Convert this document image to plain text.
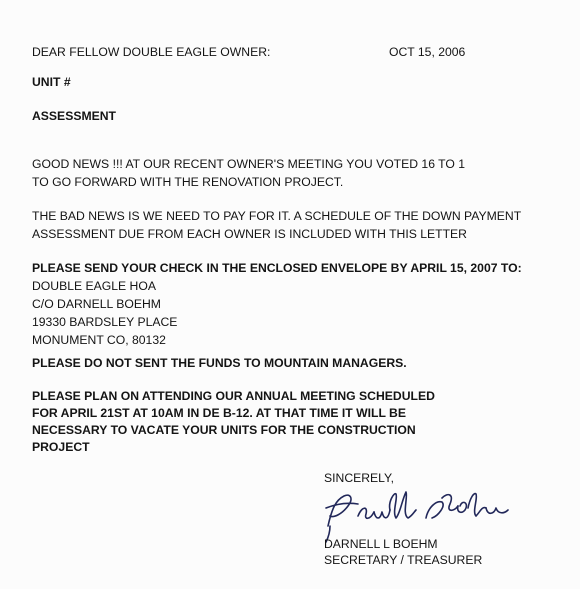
DEAR FELLOW DOUBLE EAGLE OWNER:	OCT 15, 2006
UNIT #
ASSESSMENT
GOOD NEWS !!! AT OUR RECENT OWNER'S MEETING YOU VOTED 16 TO 1
TO GO FORWARD WITH THE RENOVATION PROJECT.
THE BAD NEWS IS WE NEED TO PAY FOR IT. A SCHEDULE OF THE DOWN PAYMENT
ASSESSMENT DUE FROM EACH OWNER IS INCLUDED WITH THIS LETTER
PLEASE SEND YOUR CHECK IN THE ENCLOSED ENVELOPE BY APRIL 15, 2007 TO:
DOUBLE EAGLE HOA
C/O DARNELL BOEHM
19330 BARDSLEY PLACE
MONUMENT CO, 80132
PLEASE DO NOT SENT THE FUNDS TO MOUNTAIN MANAGERS.
PLEASE PLAN ON ATTENDING OUR ANNUAL MEETING SCHEDULED
FOR APRIL 21ST AT 10AM IN DE B-12. AT THAT TIME IT WILL BE
NECESSARY TO VACATE YOUR UNITS FOR THE CONSTRUCTION
PROJECT
SINCERELY,
DARNELL L BOEHM
SECRETARY / TREASURER
